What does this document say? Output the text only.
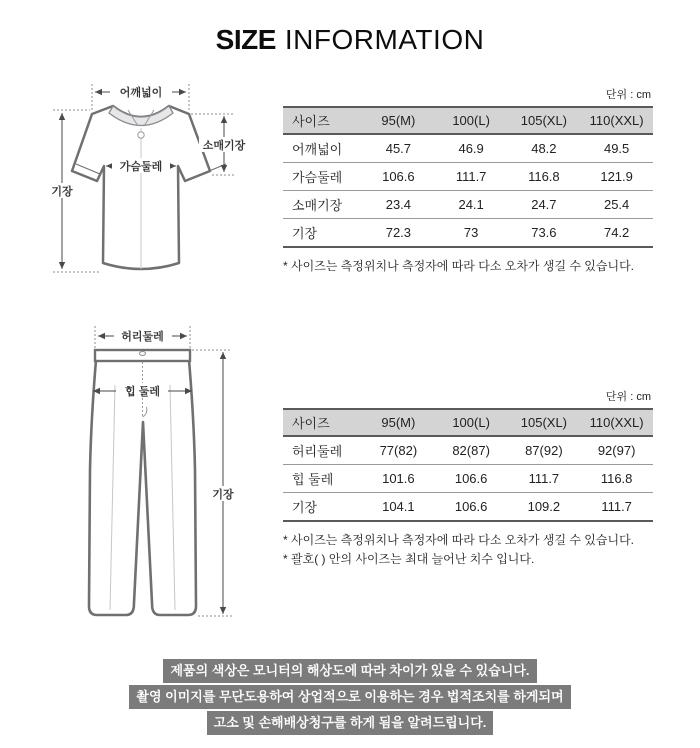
SIZE INFORMATION
어깨넓이
기장
가슴둘레
소매기장
허리둘레
힙 둘레
기장
단위 : cm
사이즈	95(M)	100(L)	105(XL)	110(XXL)
어깨넓이	45.7	46.9	48.2	49.5
가슴둘레	106.6	111.7	116.8	121.9
소매기장	23.4	24.1	24.7	25.4
기장	72.3	73	73.6	74.2
* 사이즈는 측정위치나 측정자에 따라 다소 오차가 생길 수 있습니다.
단위 : cm
사이즈	95(M)	100(L)	105(XL)	110(XXL)
허리둘레	77(82)	82(87)	87(92)	92(97)
힙 둘레	101.6	106.6	111.7	116.8
기장	104.1	106.6	109.2	111.7
* 사이즈는 측정위치나 측정자에 따라 다소 오차가 생길 수 있습니다.
* 괄호( ) 안의 사이즈는 최대 늘어난 치수 입니다.
제품의 색상은 모니터의 해상도에 따라 차이가 있을 수 있습니다.
촬영 이미지를 무단도용하여 상업적으로 이용하는 경우 법적조치를 하게되며
고소 및 손해배상청구를 하게 됨을 알려드립니다.
